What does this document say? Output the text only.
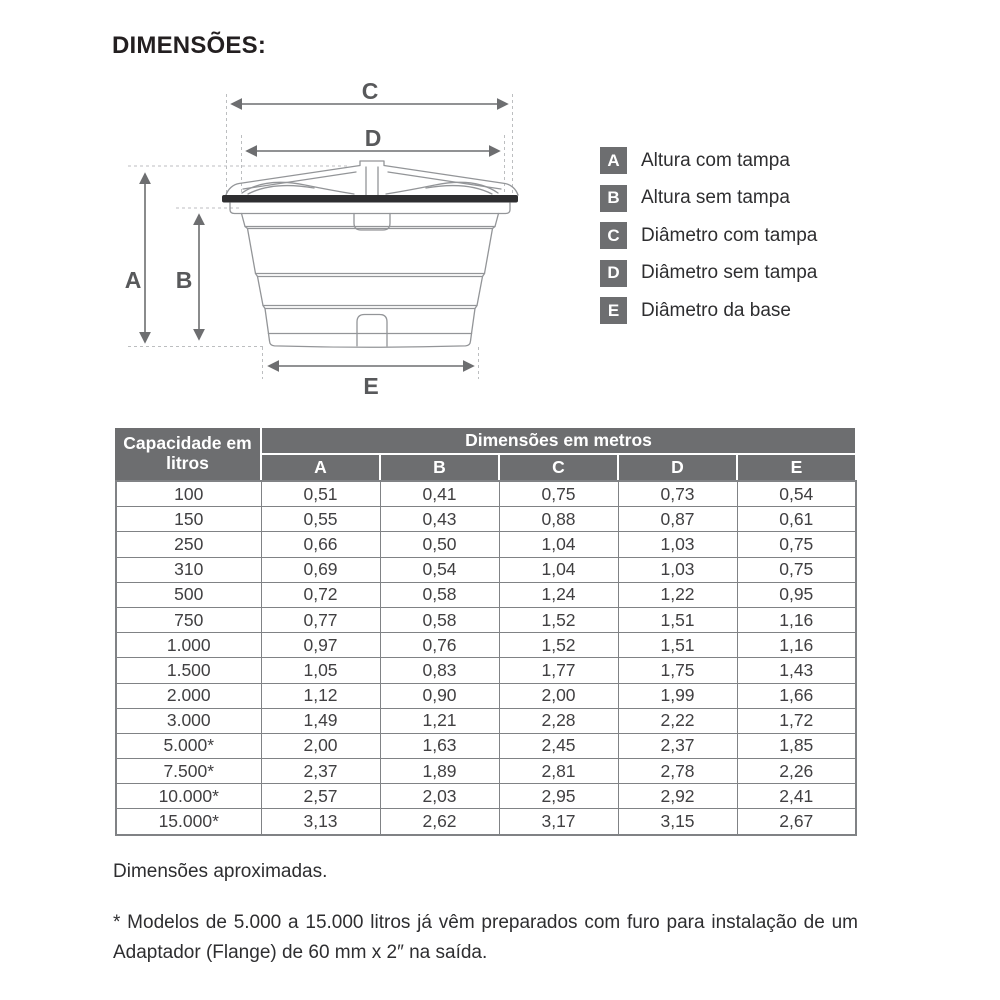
DIMENSÕES:
C
D
A B
E
A	Altura com tampa
B	Altura sem tampa
C	Diâmetro com tampa
D	Diâmetro sem tampa
E	Diâmetro da base
Capacidade em litros
Dimensões em metros
A	B	C	D	E
100	0,51	0,41	0,75	0,73	0,54
150	0,55	0,43	0,88	0,87	0,61
250	0,66	0,50	1,04	1,03	0,75
310	0,69	0,54	1,04	1,03	0,75
500	0,72	0,58	1,24	1,22	0,95
750	0,77	0,58	1,52	1,51	1,16
1.000	0,97	0,76	1,52	1,51	1,16
1.500	1,05	0,83	1,77	1,75	1,43
2.000	1,12	0,90	2,00	1,99	1,66
3.000	1,49	1,21	2,28	2,22	1,72
5.000*	2,00	1,63	2,45	2,37	1,85
7.500*	2,37	1,89	2,81	2,78	2,26
10.000*	2,57	2,03	2,95	2,92	2,41
15.000*	3,13	2,62	3,17	3,15	2,67
Dimensões aproximadas.
* Modelos de 5.000 a 15.000 litros já vêm preparados com furo para instalação de um
Adaptador (Flange) de 60 mm x 2″ na saída.
